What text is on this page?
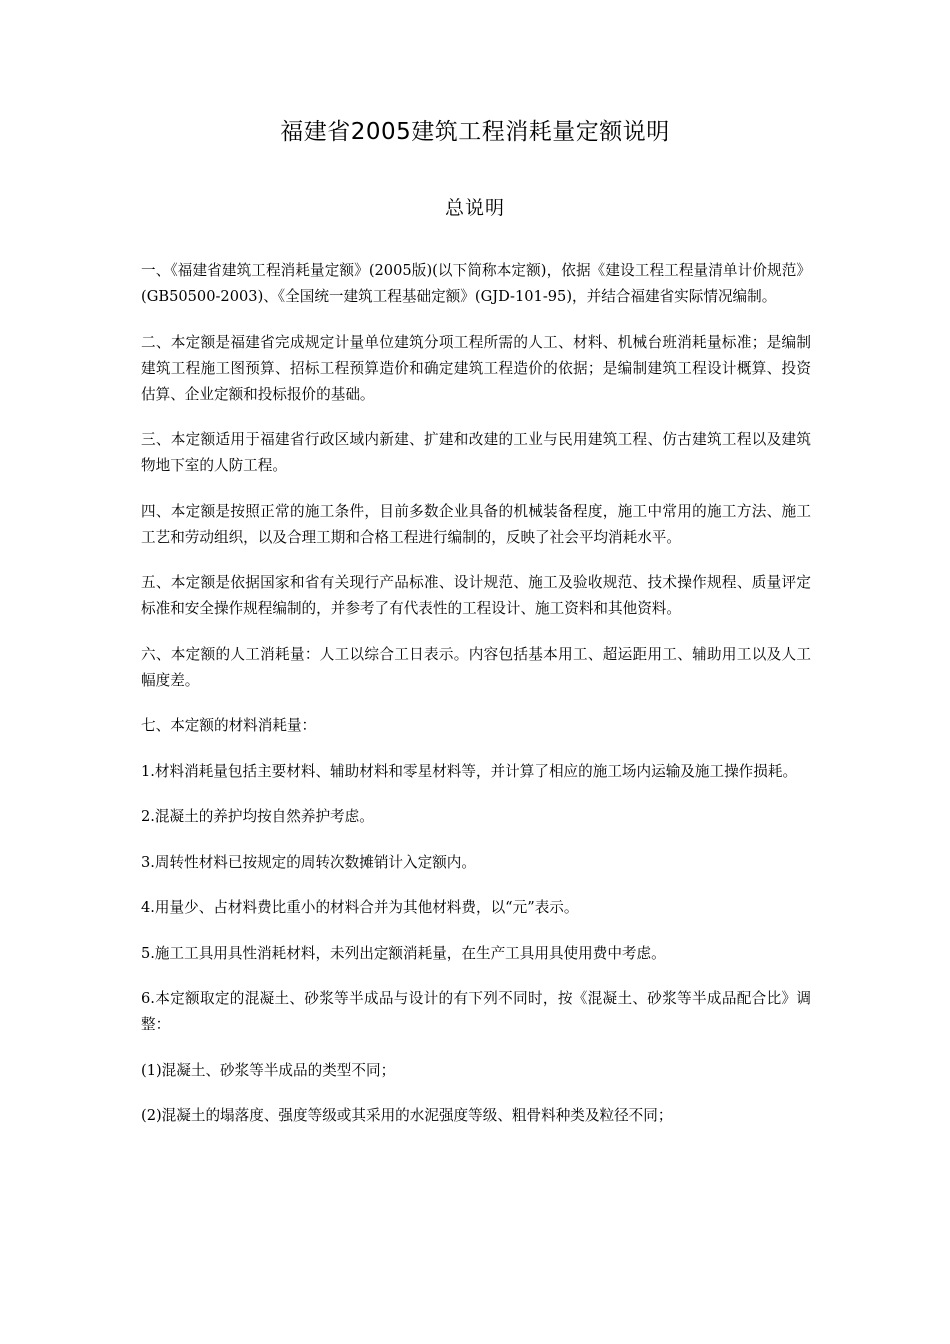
福建省2005建筑工程消耗量定额说明
总说明

一、《福建省建筑工程消耗量定额》(2005版)(以下简称本定额)，依据《建设工程工程量清单计价规范》(GB50500-2003)、《全国统一建筑工程基础定额》(GJD-101-95)，并结合福建省实际情况编制。

二、本定额是福建省完成规定计量单位建筑分项工程所需的人工、材料、机械台班消耗量标准；是编制建筑工程施工图预算、招标工程预算造价和确定建筑工程造价的依据；是编制建筑工程设计概算、投资估算、企业定额和投标报价的基础。

三、本定额适用于福建省行政区域内新建、扩建和改建的工业与民用建筑工程、仿古建筑工程以及建筑物地下室的人防工程。

四、本定额是按照正常的施工条件，目前多数企业具备的机械装备程度，施工中常用的施工方法、施工工艺和劳动组织，以及合理工期和合格工程进行编制的，反映了社会平均消耗水平。

五、本定额是依据国家和省有关现行产品标准、设计规范、施工及验收规范、技术操作规程、质量评定标准和安全操作规程编制的，并参考了有代表性的工程设计、施工资料和其他资料。

六、本定额的人工消耗量：人工以综合工日表示。内容包括基本用工、超运距用工、辅助用工以及人工幅度差。

七、本定额的材料消耗量：

1.材料消耗量包括主要材料、辅助材料和零星材料等，并计算了相应的施工场内运输及施工操作损耗。

2.混凝土的养护均按自然养护考虑。

3.周转性材料已按规定的周转次数摊销计入定额内。

4.用量少、占材料费比重小的材料合并为其他材料费，以“元”表示。

5.施工工具用具性消耗材料，未列出定额消耗量，在生产工具用具使用费中考虑。

6.本定额取定的混凝土、砂浆等半成品与设计的有下列不同时，按《混凝土、砂浆等半成品配合比》调整：

(1)混凝土、砂浆等半成品的类型不同；

(2)混凝土的塌落度、强度等级或其采用的水泥强度等级、粗骨料种类及粒径不同；
